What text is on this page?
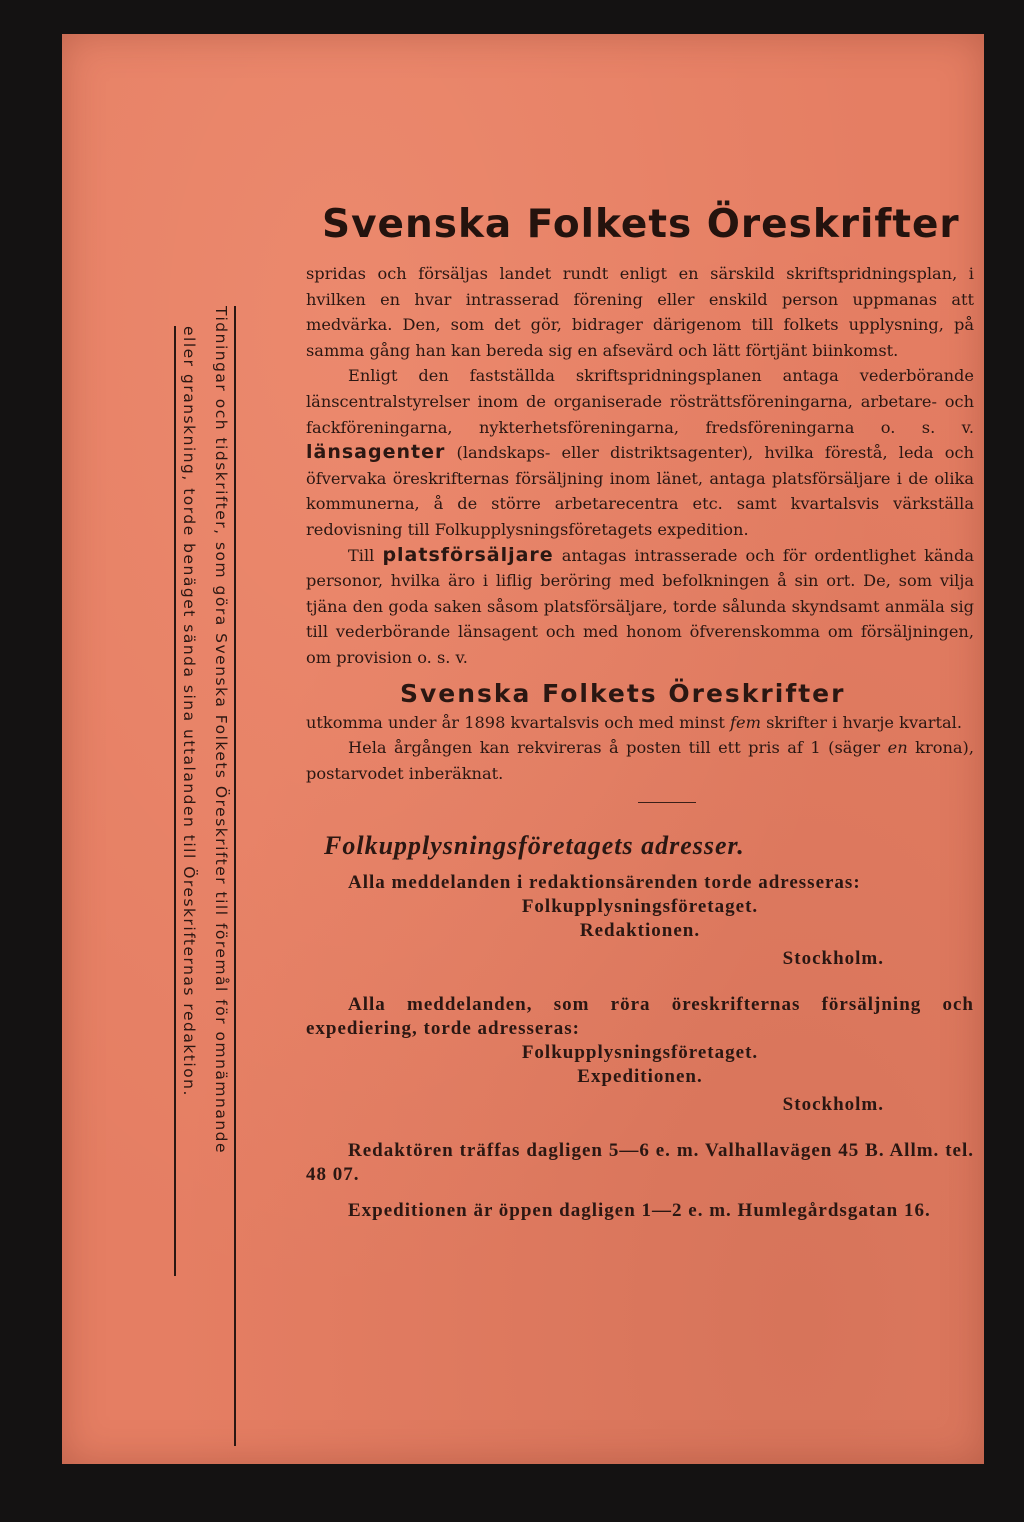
Tidningar och tidskrifter, som göra Svenska Folkets Öreskrifter till föremål för omnämnande
eller granskning, torde benäget sända sina uttalanden till Öreskrifternas redaktion.
Svenska Folkets Öreskrifter

spridas och försäljas landet rundt enligt en särskild skriftspridningsplan, i hvilken en hvar intrasserad förening eller enskild person uppmanas att medvärka. Den, som det gör, bidrager därigenom till folkets upplysning, på samma gång han kan bereda sig en afsevärd och lätt förtjänt biinkomst.

Enligt den fastställda skriftspridningsplanen antaga vederbörande länscentralstyrelser inom de organiserade rösträttsföreningarna, arbetare- och fackföreningarna, nykterhetsföreningarna, fredsföreningarna o. s. v. länsagenter (landskaps- eller distriktsagenter), hvilka förestå, leda och öfvervaka öreskrifternas försäljning inom länet, antaga platsförsäljare i de olika kommunerna, å de större arbetarecentra etc. samt kvartalsvis värkställa redovisning till Folkupplysningsföretagets expedition.

Till platsförsäljare antagas intrasserade och för ordentlighet kända personor, hvilka äro i liflig beröring med befolkningen å sin ort. De, som vilja tjäna den goda saken såsom platsförsäljare, torde sålunda skyndsamt anmäla sig till vederbörande länsagent och med honom öfverenskomma om försäljningen, om provision o. s. v.

Svenska Folkets Öreskrifter

utkomma under år 1898 kvartalsvis och med minst fem skrifter i hvarje kvartal.

Hela årgången kan rekvireras å posten till ett pris af 1 (säger en krona), postarvodet inberäknat.

Folkupplysningsföretagets adresser.

Alla meddelanden i redaktionsärenden torde adresseras:

Folkupplysningsföretaget.

Redaktionen.

Stockholm.

Alla meddelanden, som röra öreskrifternas försäljning och expediering, torde adresseras:

Folkupplysningsföretaget.

Expeditionen.

Stockholm.

Redaktören träffas dagligen 5—6 e. m. Valhallavägen 45 B. Allm. tel. 48 07.

Expeditionen är öppen dagligen 1—2 e. m. Humlegårdsgatan 16.
